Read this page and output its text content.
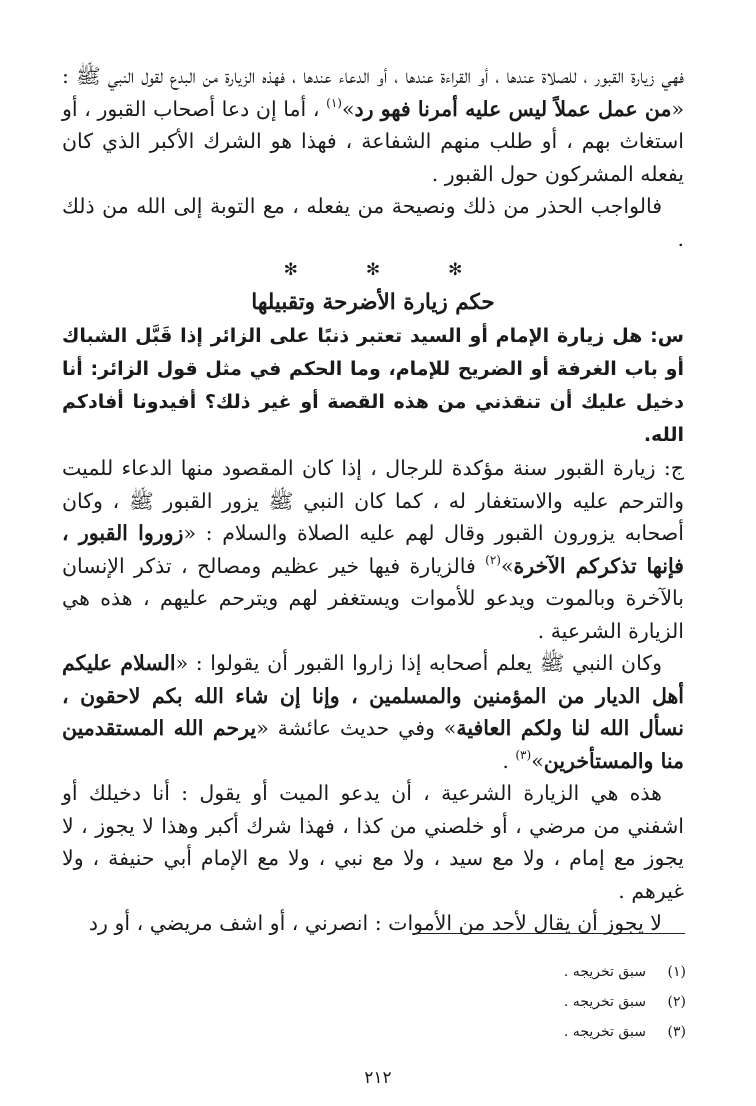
فهي زيارة القبور ، للصلاة عندها ، أو القراءة عندها ، أو الدعاء عندها ، فهذه الزيارة من البدع لقول النبي ﷺ : «من عمل عملاً ليس عليه أمرنا فهو رد»$^{(١)}$ ، أما إن دعا أصحاب القبور ، أو استغاث بهم ، أو طلب منهم الشفاعة ، فهذا هو الشرك الأكبر الذي كان يفعله المشركون حول القبور .

فالواجب الحذر من ذلك ونصيحة من يفعله ، مع التوبة إلى الله من ذلك .

✻	✻	✻

حكم زيارة الأضرحة وتقبيلها

س: هل زيارة الإمام أو السيد تعتبر ذنبًا على الزائر إذا قَبَّل الشباك أو باب الغرفة أو الضريح للإمام، وما الحكم في مثل قول الزائر: أنا دخيل عليك أن تنقذني من هذه القصة أو غير ذلك؟ أفيدونا أفادكم الله.

ج: زيارة القبور سنة مؤكدة للرجال ، إذا كان المقصود منها الدعاء للميت والترحم عليه والاستغفار له ، كما كان النبي ﷺ يزور القبور ﷺ ، وكان أصحابه يزورون القبور وقال لهم عليه الصلاة والسلام : «زوروا القبور ، فإنها تذكركم الآخرة»$^{(٢)}$ فالزيارة فيها خير عظيم ومصالح ، تذكر الإنسان بالآخرة وبالموت ويدعو للأموات ويستغفر لهم ويترحم عليهم ، هذه هي الزيارة الشرعية .

وكان النبي ﷺ يعلم أصحابه إذا زاروا القبور أن يقولوا : «السلام عليكم أهل الديار من المؤمنين والمسلمين ، وإنا إن شاء الله بكم لاحقون ، نسأل الله لنا ولكم العافية» وفي حديث عائشة «يرحم الله المستقدمين منا والمستأخرين»$^{(٣)}$ .

هذه هي الزيارة الشرعية ، أن يدعو الميت أو يقول : أنا دخيلك أو اشفني من مرضي ، أو خلصني من كذا ، فهذا شرك أكبر وهذا لا يجوز ، لا يجوز مع إمام ، ولا مع سيد ، ولا مع نبي ، ولا مع الإمام أبي حنيفة ، ولا غيرهم .

لا يجوز أن يقال لأحد من الأموات : انصرني ، أو اشف مريضي ، أو رد

(١)
سبق تخريجه .
(٢)
سبق تخريجه .
(٣)
سبق تخريجه .
٢١٢
